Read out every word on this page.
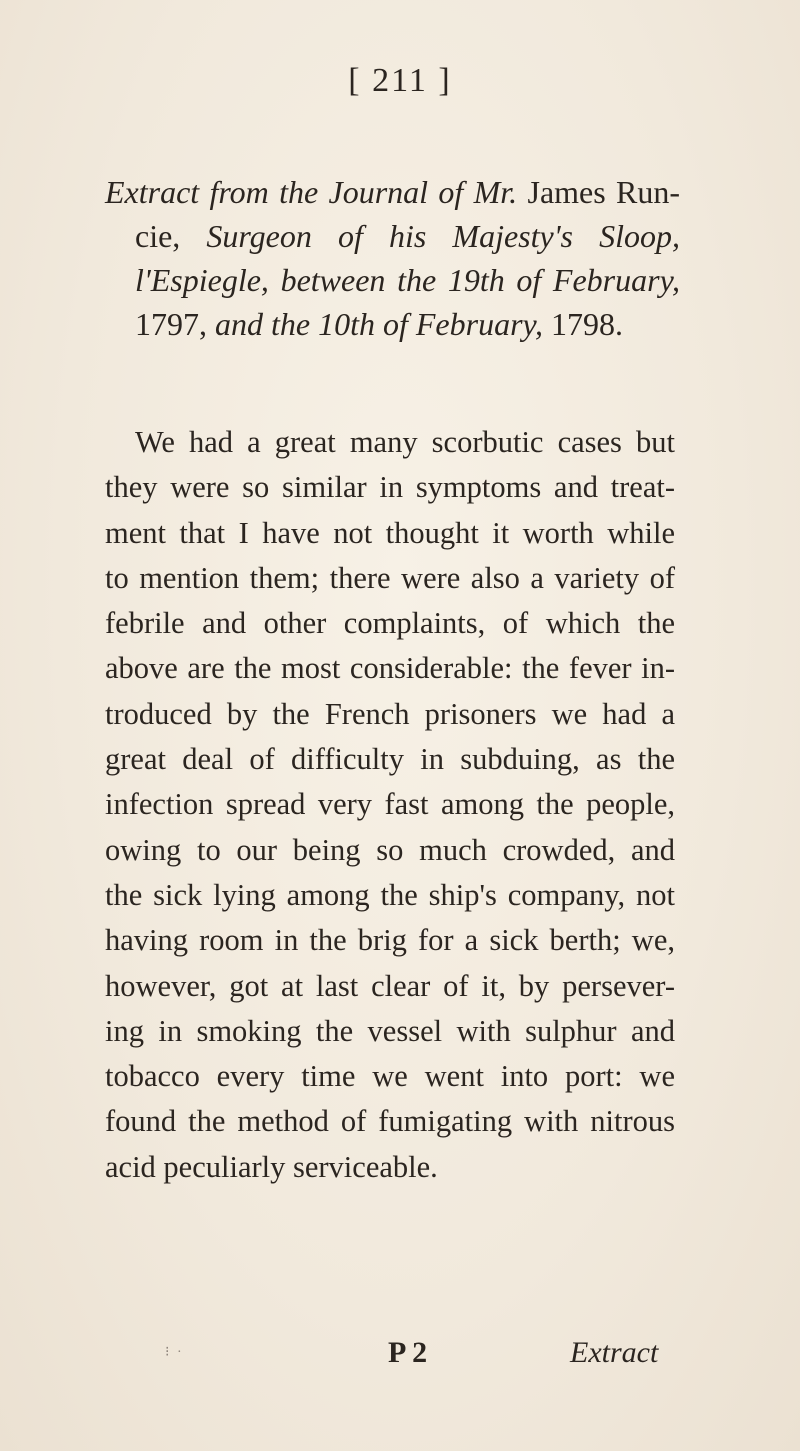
[ 211 ]
Extract from the Journal of Mr. James Run- cie, Surgeon of his Majesty's Sloop, l'Espiegle, between the 19th of February, 1797, and the 10th of February, 1798.
We had a great many scorbutic cases but
they were so similar in symptoms and treat-
ment that I have not thought it worth while
to mention them; there were also a variety of
febrile and other complaints, of which the
above are the most considerable: the fever in-
troduced by the French prisoners we had a
great deal of difficulty in subduing, as the
infection spread very fast among the people,
owing to our being so much crowded, and
the sick lying among the ship's company, not
having room in the brig for a sick berth; we,
however, got at last clear of it, by persever-
ing in smoking the vessel with sulphur and
tobacco every time we went into port: we
found the method of fumigating with nitrous
acid peculiarly serviceable.
⁝ ·	P 2	Extract
